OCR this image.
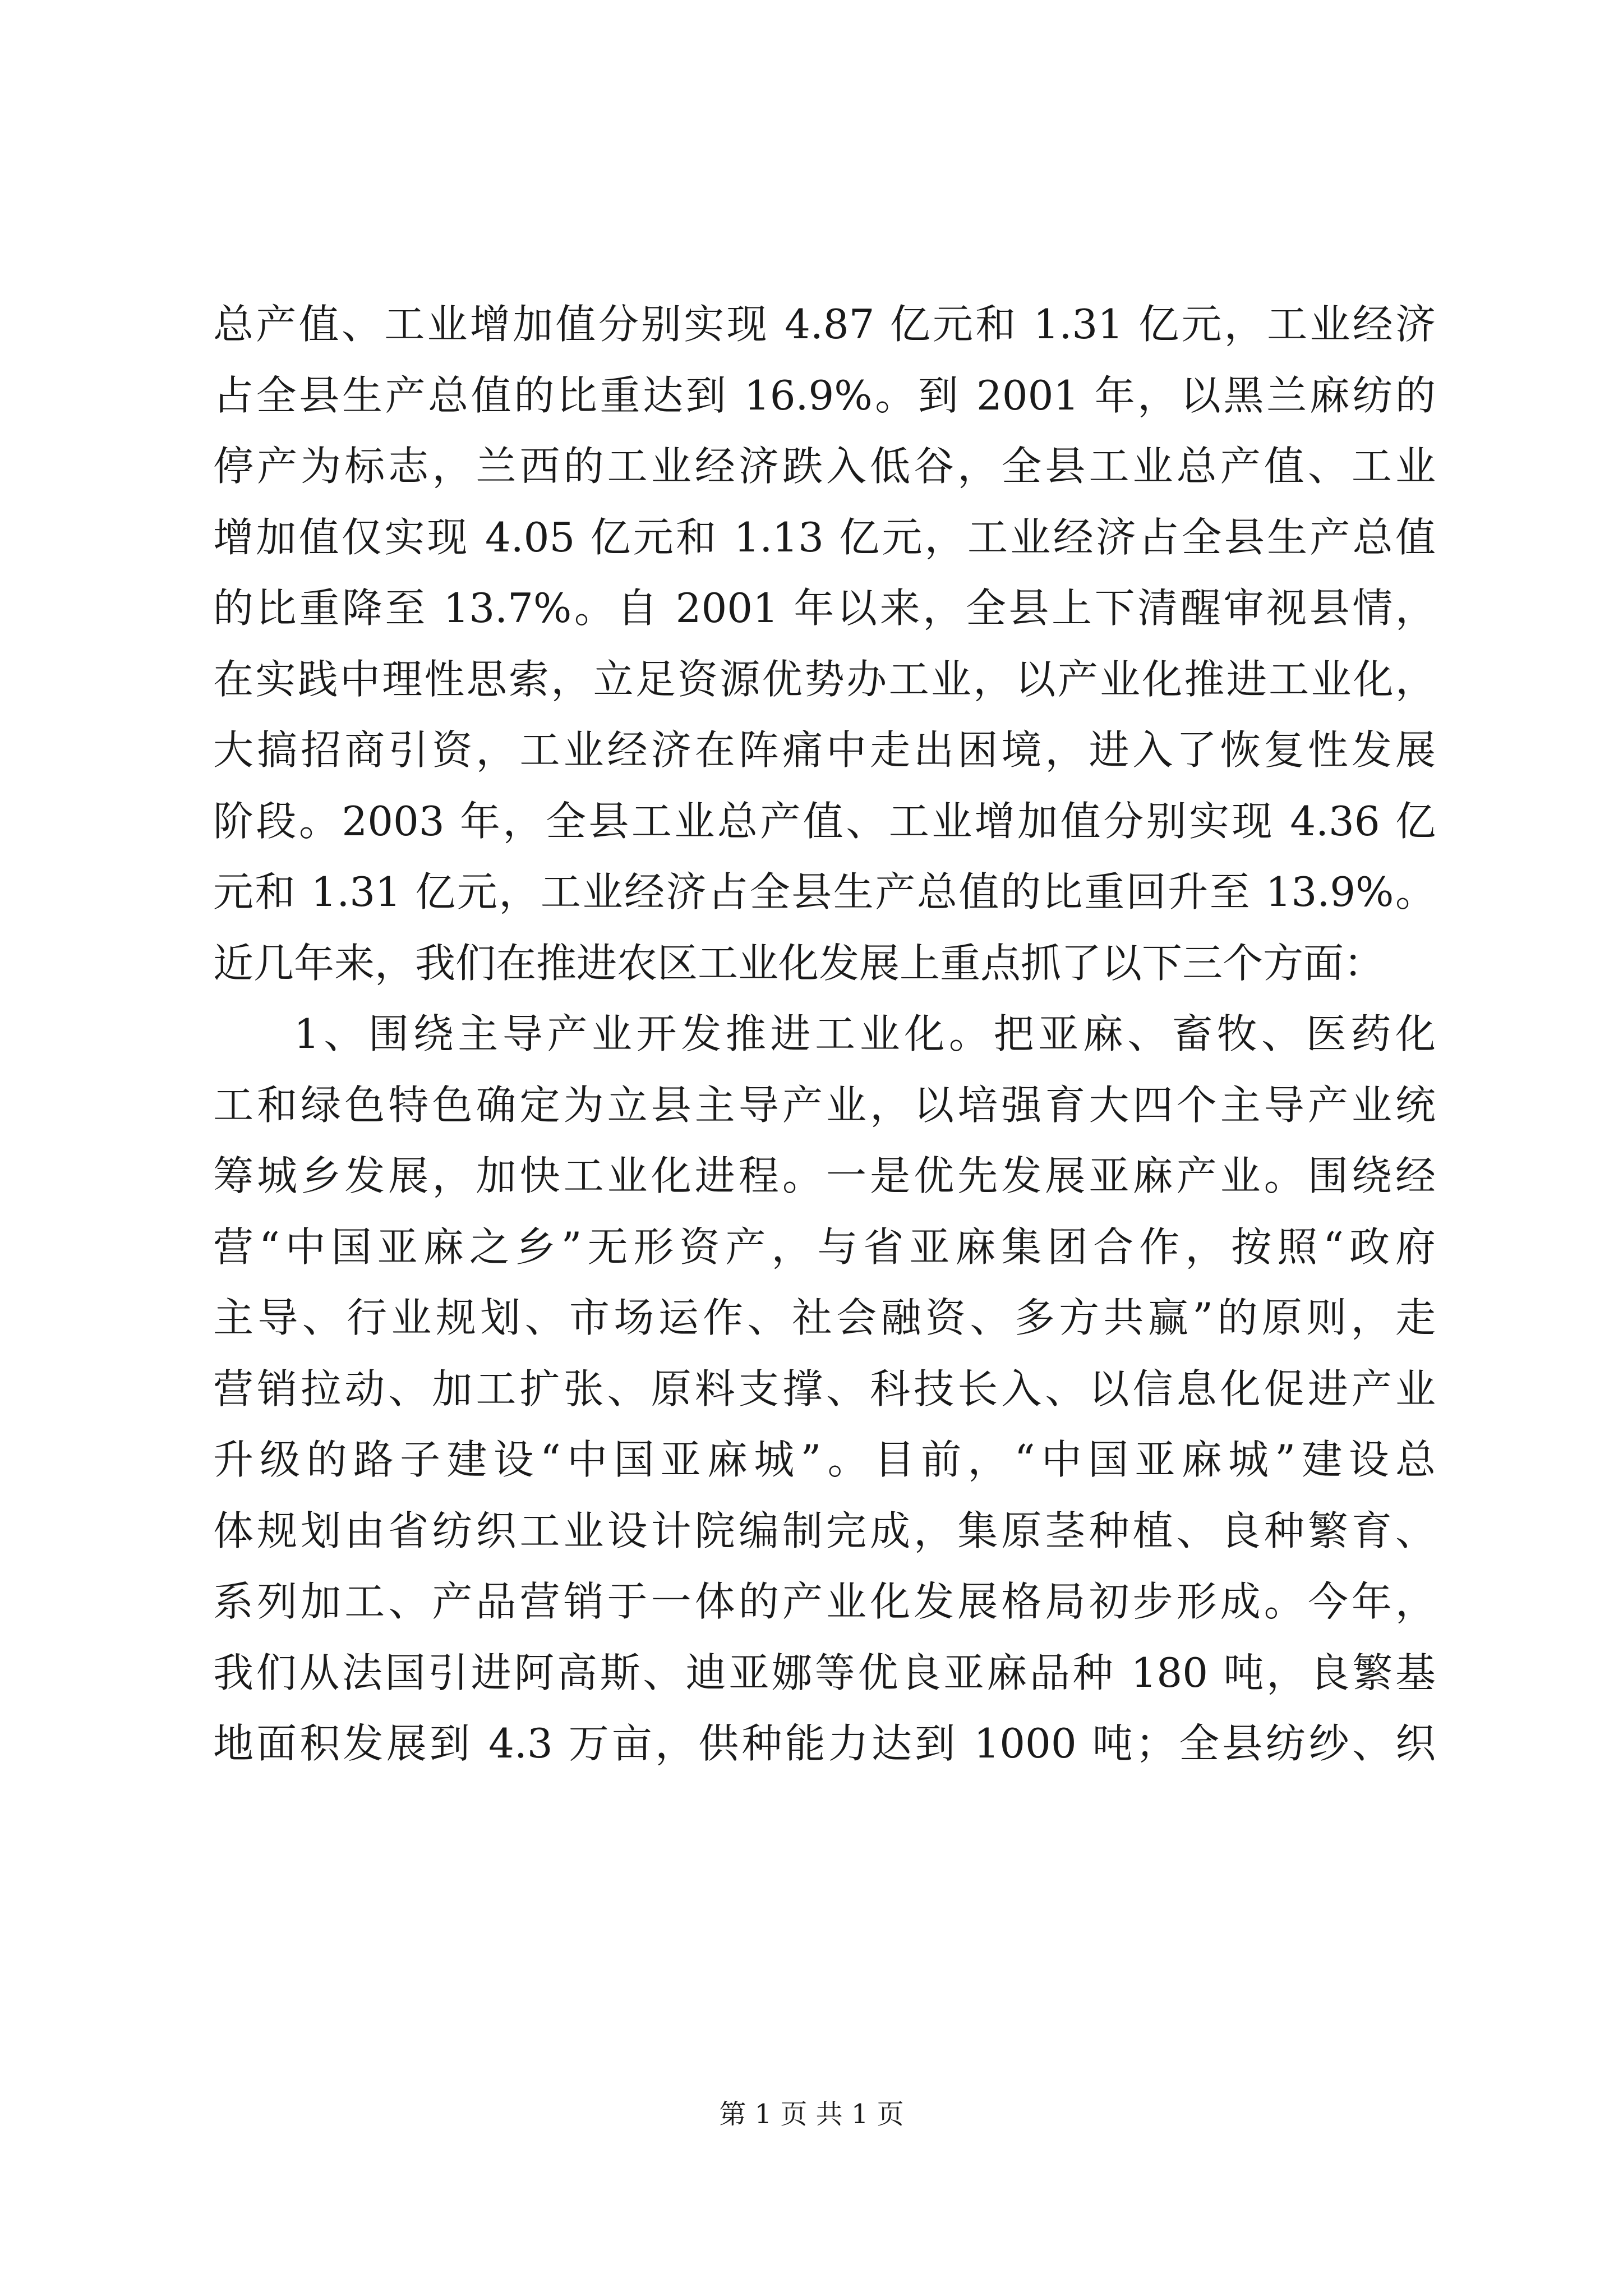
总产值、工业增加值分别实现 4.87 亿元和 1.31 亿元，工业经济
占全县生产总值的比重达到 16.9%。到 2001 年，以黑兰麻纺的
停产为标志，兰西的工业经济跌入低谷，全县工业总产值、工业
增加值仅实现 4.05 亿元和 1.13 亿元，工业经济占全县生产总值
的比重降至 13.7%。自 2001 年以来，全县上下清醒审视县情，
在实践中理性思索，立足资源优势办工业，以产业化推进工业化，
大搞招商引资，工业经济在阵痛中走出困境，进入了恢复性发展
阶段。2003 年，全县工业总产值、工业增加值分别实现 4.36 亿
元和 1.31 亿元，工业经济占全县生产总值的比重回升至 13.9%。
近几年来，我们在推进农区工业化发展上重点抓了以下三个方面：
1、围绕主导产业开发推进工业化。把亚麻、畜牧、医药化
工和绿色特色确定为立县主导产业，以培强育大四个主导产业统
筹城乡发展，加快工业化进程。一是优先发展亚麻产业。围绕经
营“中国亚麻之乡”无形资产，与省亚麻集团合作，按照“政府
主导、行业规划、市场运作、社会融资、多方共赢”的原则，走
营销拉动、加工扩张、原料支撑、科技长入、以信息化促进产业
升级的路子建设“中国亚麻城”。目前，“中国亚麻城”建设总
体规划由省纺织工业设计院编制完成，集原茎种植、良种繁育、
系列加工、产品营销于一体的产业化发展格局初步形成。今年，
我们从法国引进阿高斯、迪亚娜等优良亚麻品种 180 吨，良繁基
地面积发展到 4.3 万亩，供种能力达到 1000 吨；全县纺纱、织
第 1 页 共 1 页
